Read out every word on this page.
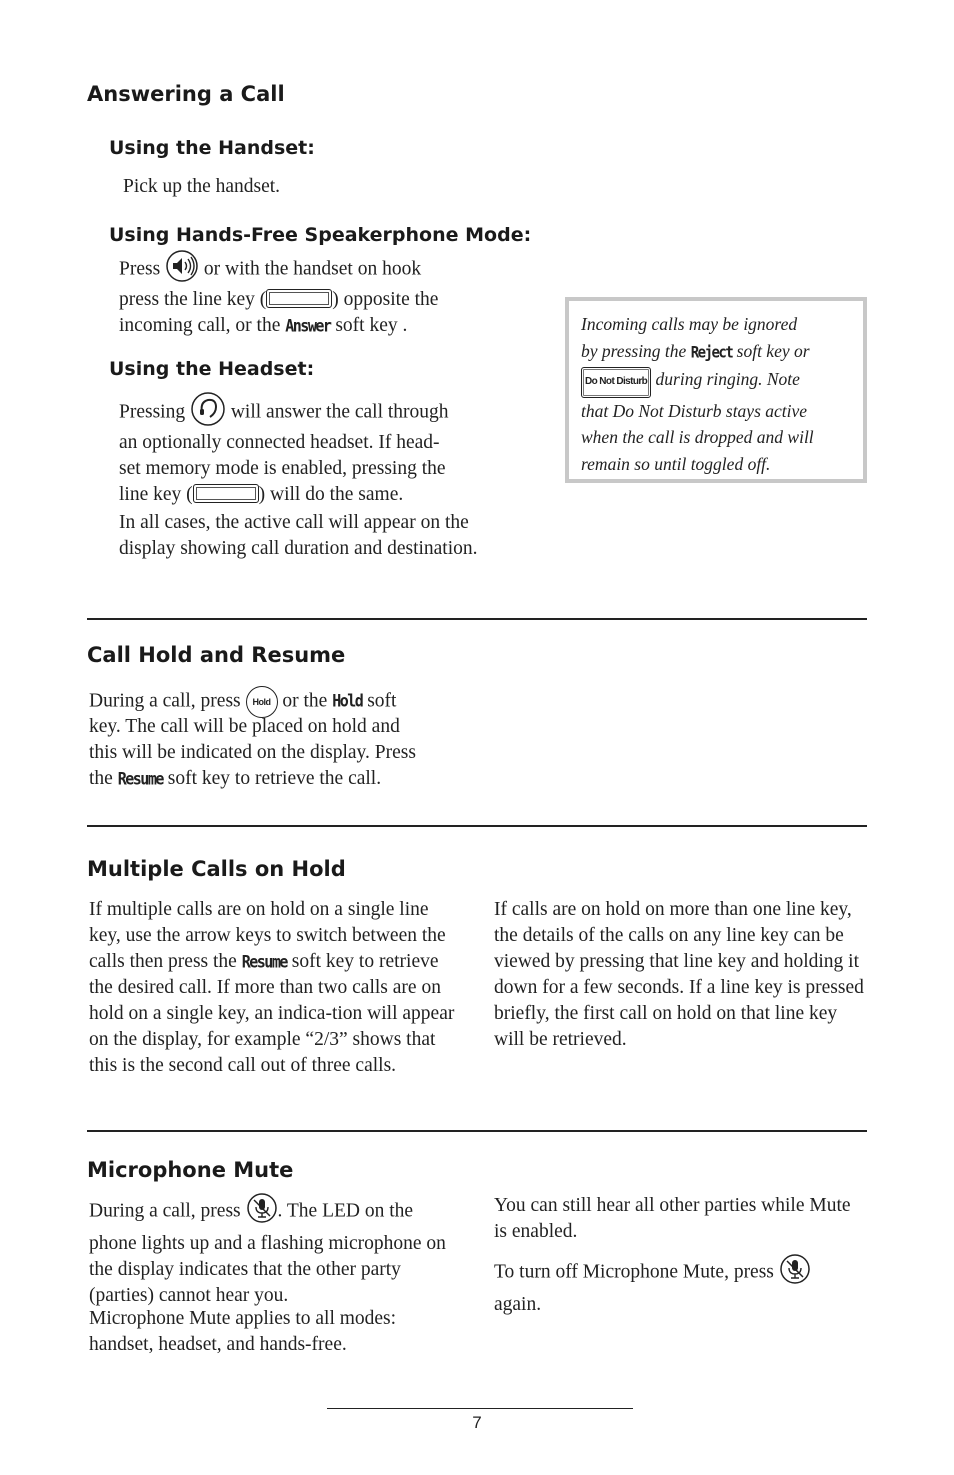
Answering a Call
Using the Handset:

Pick up the handset.

Using Hands-Free Speakerphone Mode:

Press or with the handset on hook

press the line key (	) opposite the

incoming call, or the Answer soft key .

Using the Headset:

Pressing will answer the call through

an optionally connected headset. If head-

set memory mode is enabled, pressing the

line key (	) will do the same.

In all cases, the active call will appear on the display showing call duration and destination.

Incoming calls may be ignored

by pressing the Reject soft key or

Do Not Disturb during ringing. Note

that Do Not Disturb stays active

when the call is dropped and will

remain so until toggled off.

Call Hold and Resume

During a call, press Hold or the Hold soft

key. The call will be placed on hold and

this will be indicated on the display. Press

the Resume soft key to retrieve the call.

Multiple Calls on Hold

If multiple calls are on hold on a single line key, use the arrow keys to switch between the calls then press the Resume soft key to retrieve the desired call. If more than two calls are on hold on a single key, an indica-tion will appear on the display, for example “2/3” shows that this is the second call out of three calls.

If calls are on hold on more than one line key, the details of the calls on any line key can be viewed by pressing that line key and holding it down for a few seconds. If a line key is pressed briefly, the first call on hold on that line key will be retrieved.

Microphone Mute

During a call, press . The LED on the phone lights up and a flashing microphone on the display indicates that the other party (parties) cannot hear you.

Microphone Mute applies to all modes: handset, headset, and hands-free.

You can still hear all other parties while Mute is enabled.

To turn off Microphone Mute, press

again.

7
